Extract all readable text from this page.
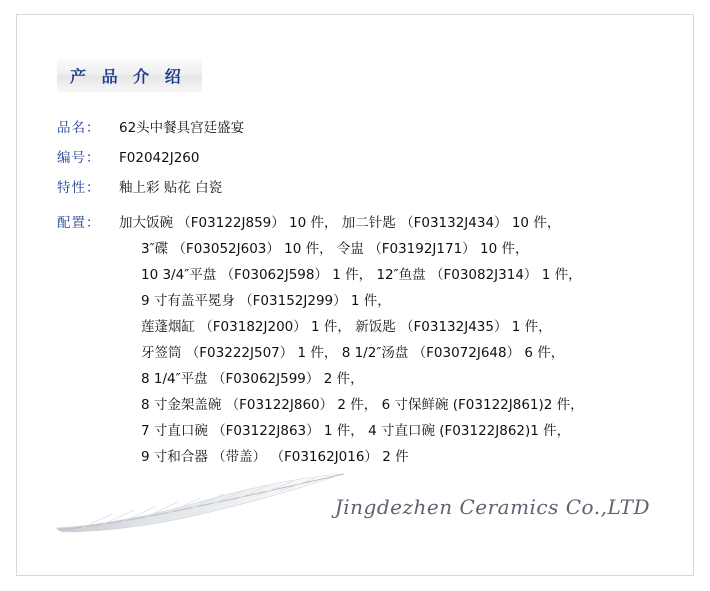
产 品 介 绍
品名：	62头中餐具宫廷盛宴
编号：	F02042J260
特性：	釉上彩 贴花 白瓷
配置：	加大饭碗 （F03122J859） 10 件， 加二针匙 （F03132J434） 10 件，
3″碟 （F03052J603） 10 件， 令盅 （F03192J171） 10 件，
10 3/4″平盘 （F03062J598） 1 件， 12″鱼盘 （F03082J314） 1 件，
9 寸有盖平冕身 （F03152J299） 1 件，
莲蓬烟缸 （F03182J200） 1 件， 新饭匙 （F03132J435） 1 件，
牙签筒 （F03222J507） 1 件， 8 1/2″汤盘 （F03072J648） 6 件，
8 1/4″平盘 （F03062J599） 2 件，
8 寸金架盖碗 （F03122J860） 2 件， 6 寸保鲜碗 (F03122J861)2 件，
7 寸直口碗 （F03122J863） 1 件， 4 寸直口碗 (F03122J862)1 件，
9 寸和合器 （带盖） （F03162J016） 2 件
Jingdezhen Ceramics Co.,LTD
